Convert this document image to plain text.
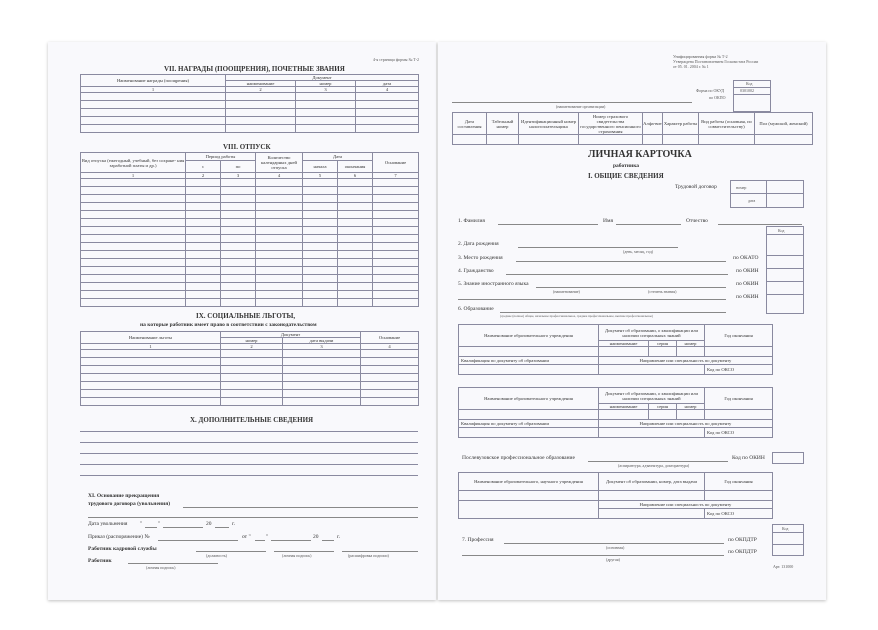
4-я страница формы № Т-2
VII. НАГРАДЫ (ПООЩРЕНИЯ), ПОЧЕТНЫЕ ЗВАНИЯ
Наименование награды (поощрения)	Документ		
	наименование	номер	дата
1	2	3	4

VIII. ОТПУСК
Вид отпуска (ежегодный, учебный, без сохране- ния заработной платы и др.)	Период работы		Количество календарных дней отпуска	Дата		Основание
	с	по		начала	окончания	
1	2	3	4	5	6	7

IX. СОЦИАЛЬНЫЕ ЛЬГОТЫ,
на которые работник имеет право в соответствии с законодательством
Наименование льготы	Документ		Основание
	номер	дата выдачи	
1	2	3	4

X. ДОПОЛНИТЕЛЬНЫЕ СВЕДЕНИЯ
XI. Основание прекращения
трудового договора (увольнения)
Дата увольнения "	"	20	г.
Приказ (распоряжение) №	от "	"	20	г.
Работник кадровой службы
(должность)	(личная подпись)	(расшифровка подписи)
Работник
(личная подпись)
Унифицированная форма № Т-2
Утверждена Постановлением Госкомстата России
от 05. 01. 2004 г. № 1
Код
0301002
Форма по ОКУД
по ОКПО
(наименование организации)
Дата составления	Табельный номер	Идентификационный номер налогоплательщика	Номер страхового свидетельства государственного пенсионного страхования	Алфа-вит	Характер работы	Вид работы (основная, по совместительству)	Пол (мужской, женский)

ЛИЧНАЯ КАРТОЧКА
работника
I. ОБЩИЕ СВЕДЕНИЯ
Трудовой договор	номер
дата
1. Фамилия	Имя	Отчество
Код
2. Дата рождения
(день, месяц, год)
3. Место рождения	по ОКАТО
4. Гражданство	по ОКИН
5. Знание иностранного языка	по ОКИН
(наименование)	(степень знания)
по ОКИН
6. Образование
(среднее (полное) общее, начальное профессиональное, среднее профессиональное, высшее профессиональное)
Наименование образовательного учреждения	Документ об образовании, о квалификации или наличии специальных знаний			Год окончания
	наименование	серия	номер	

Квалификация по документу об образовании	Направление или специальность по документу			
				Код по ОКСО
Наименование образовательного учреждения	Документ об образовании, о квалификации или наличии специальных знаний			Год окончания
	наименование	серия	номер	

Квалификация по документу об образовании	Направление или специальность по документу			
				Код по ОКСО
Послевузовское профессиональное образование
(аспирантура, адъюнктура, докторантура)
Код по ОКИН
Наименование образовательного, научного учреждения	Документ об образовании, номер, дата выдачи	Год окончания

	Направление или специальность по документу	
		Код по ОКСО
Код
7. Профессия	по ОКПДТР
(основная)
по ОКПДТР
(другая)
Арт. 131000
